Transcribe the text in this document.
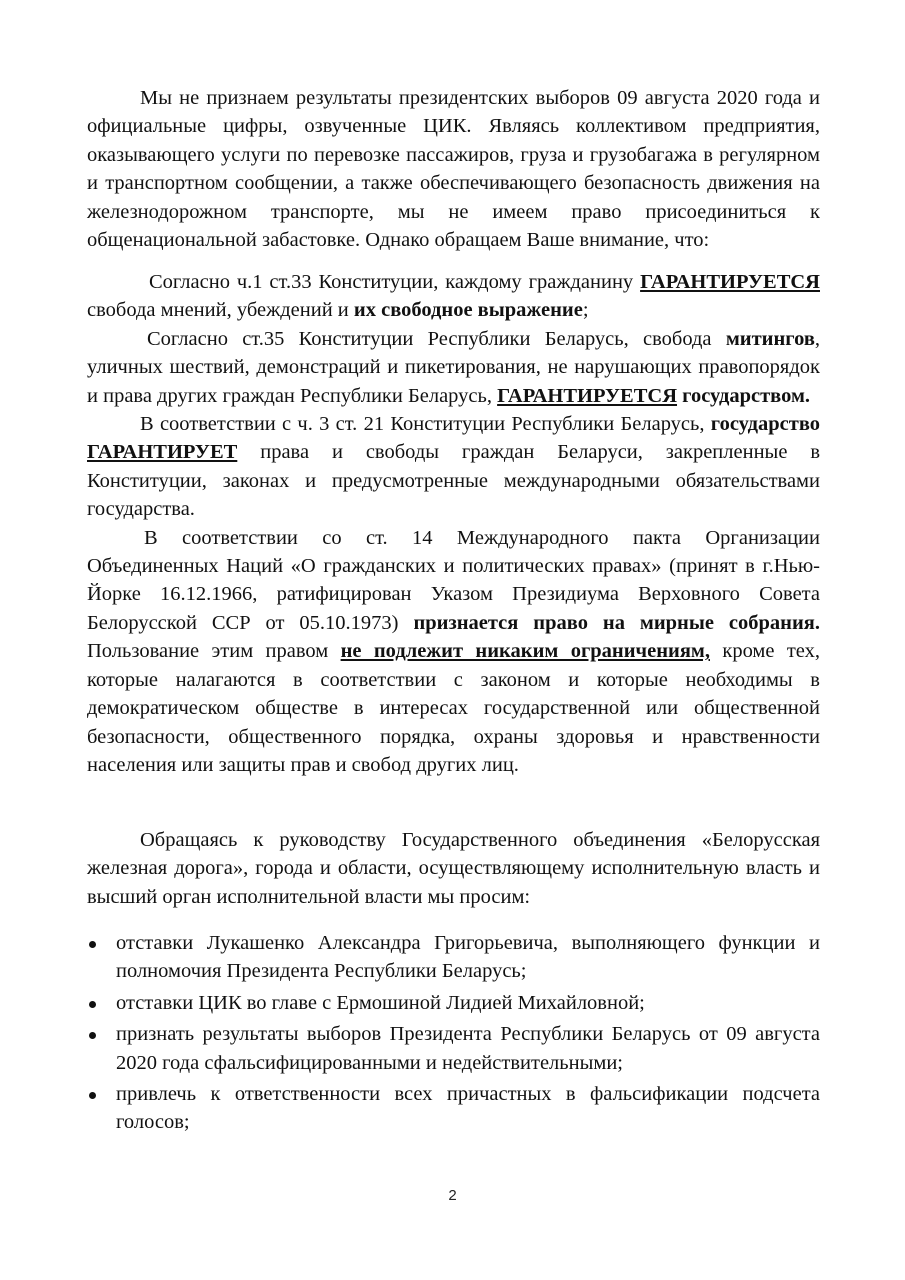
Мы не признаем результаты президентских выборов 09 августа 2020 года и официальные цифры, озвученные ЦИК. Являясь коллективом предприятия, оказывающего услуги по перевозке пассажиров, груза и грузобагажа в регулярном и транспортном сообщении, а также обеспечивающего безопасность движения на железнодорожном транспорте, мы не имеем право присоединиться к общенациональной забастовке. Однако обращаем Ваше внимание, что:

Согласно ч.1 ст.33 Конституции, каждому гражданину ГАРАНТИРУЕТСЯ свобода мнений, убеждений и их свободное выражение;

Согласно ст.35 Конституции Республики Беларусь, свобода митингов, уличных шествий, демонстраций и пикетирования, не нарушающих правопорядок и права других граждан Республики Беларусь, ГАРАНТИРУЕТСЯ государством.

В соответствии с ч. 3 ст. 21 Конституции Республики Беларусь, государство ГАРАНТИРУЕТ права и свободы граждан Беларуси, закрепленные в Конституции, законах и предусмотренные международными обязательствами государства.

В соответствии со ст. 14 Международного пакта Организации Объединенных Наций «О гражданских и политических правах» (принят в г.Нью-Йорке 16.12.1966, ратифицирован Указом Президиума Верховного Совета Белорусской ССР от 05.10.1973) признается право на мирные собрания. Пользование этим правом не подлежит никаким ограничениям, кроме тех, которые налагаются в соответствии с законом и которые необходимы в демократическом обществе в интересах государственной или общественной безопасности, общественного порядка, охраны здоровья и нравственности населения или защиты прав и свобод других лиц.

Обращаясь к руководству Государственного объединения «Белорусская железная дорога», города и области, осуществляющему исполнительную власть и высший орган исполнительной власти мы просим:

отставки Лукашенко Александра Григорьевича, выполняющего функции и полномочия Президента Республики Беларусь;
отставки ЦИК во главе с Ермошиной Лидией Михайловной;
признать результаты выборов Президента Республики Беларусь от 09 августа 2020 года сфальсифицированными и недействительными;
привлечь к ответственности всех причастных в фальсификации подсчета голосов;
2
